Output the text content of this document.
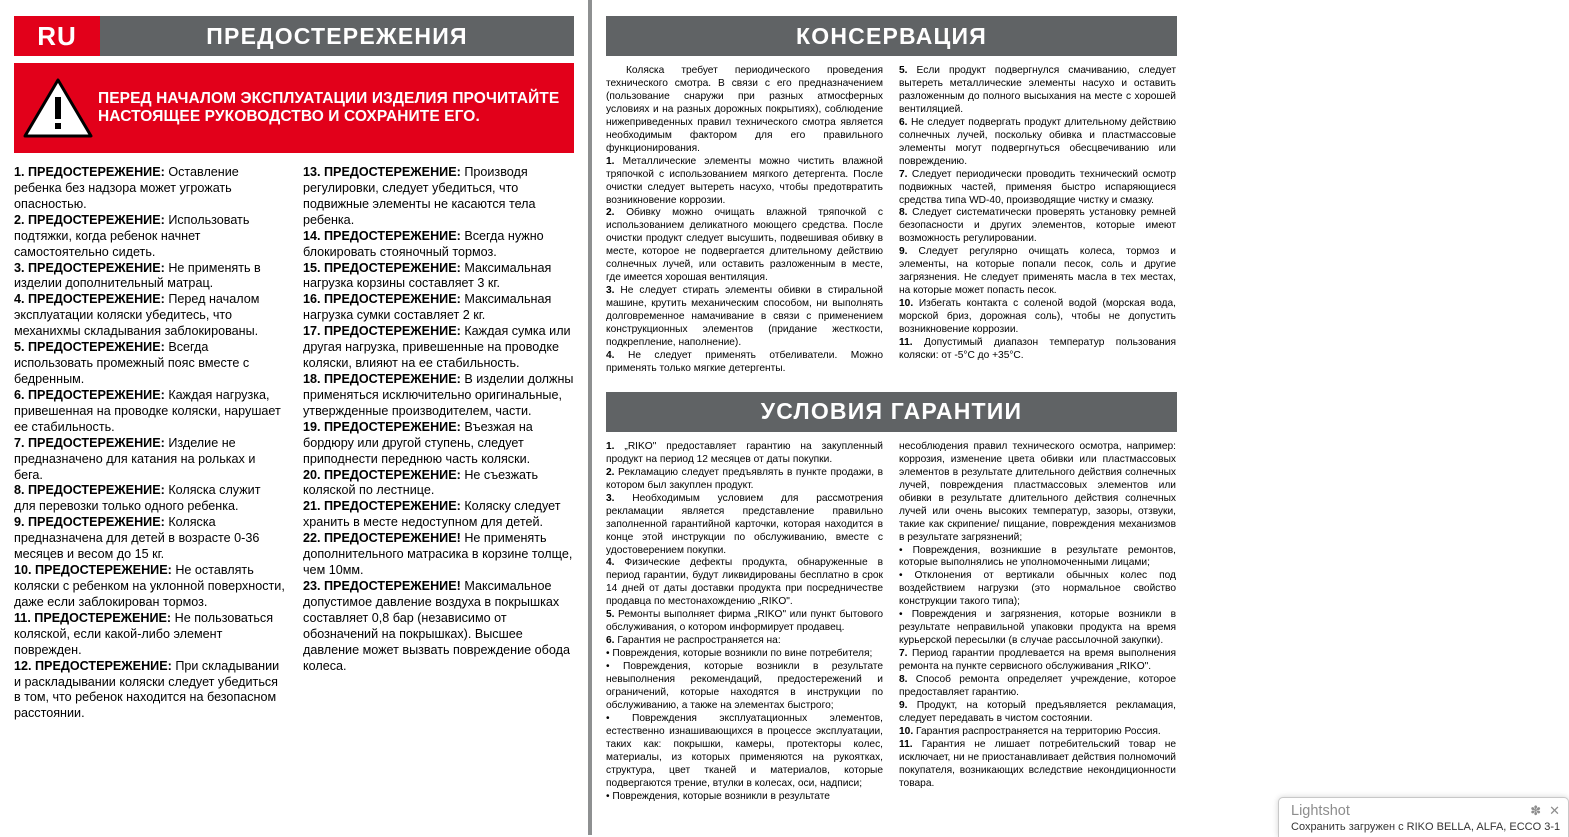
RU	ПРЕДОСТЕРЕЖЕНИЯ
ПЕРЕД НАЧАЛОМ ЭКСПЛУАТАЦИИ ИЗДЕЛИЯ ПРОЧИТАЙТЕ НАСТОЯЩЕЕ РУКОВОДСТВО И СОХРАНИТЕ ЕГО.

1. ПРЕДОСТЕРЕЖЕНИЕ: Оставление ребенка без надзора может угрожать опасностью.

2. ПРЕДОСТЕРЕЖЕНИЕ: Использовать подтяжки, когда ребенок начнет самостоятельно сидеть.

3. ПРЕДОСТЕРЕЖЕНИЕ: Не применять в изделии дополнительный матрац.

4. ПРЕДОСТЕРЕЖЕНИЕ: Перед началом эксплуатации коляски убедитесь, что механихмы складывания заблокированы.

5. ПРЕДОСТЕРЕЖЕНИЕ: Всегда использовать промежный пояс вместе с бедренным.

6. ПРЕДОСТЕРЕЖЕНИЕ: Каждая нагрузка, привешенная на проводке коляски, нарушает ее стабильность.

7. ПРЕДОСТЕРЕЖЕНИЕ: Изделие не предназначено для катания на рольках и бега.

8. ПРЕДОСТЕРЕЖЕНИЕ: Коляска служит для перевозки только одного ребенка.

9. ПРЕДОСТЕРЕЖЕНИЕ: Коляска предназначена для детей в возрасте 0-36 месяцев и весом до 15 кг.

10. ПРЕДОСТЕРЕЖЕНИЕ: Не оставлять коляски с ребенком на уклонной поверхности, даже если заблокирован тормоз.

11. ПРЕДОСТЕРЕЖЕНИЕ: Не пользоваться коляской, если какой-либо элемент поврежден.

12. ПРЕДОСТЕРЕЖЕНИЕ: При складывании и раскладывании коляски следует убедиться в том, что ребенок находится на безопасном расстоянии.

13. ПРЕДОСТЕРЕЖЕНИЕ: Производя регулировки, следует убедиться, что подвижные элементы не касаются тела ребенка.

14. ПРЕДОСТЕРЕЖЕНИЕ: Всегда нужно блокировать стояночный тормоз.

15. ПРЕДОСТЕРЕЖЕНИЕ: Максимальная нагрузка корзины составляет 3 кг.

16. ПРЕДОСТЕРЕЖЕНИЕ: Максимальная нагрузка сумки составляет 2 кг.

17. ПРЕДОСТЕРЕЖЕНИЕ: Каждая сумка или другая нагрузка, привешенные на проводке коляски, влияют на ее стабильность.

18. ПРЕДОСТЕРЕЖЕНИЕ: В изделии должны применяться исключительно оригинальные, утвержденные производителем, части.

19. ПРЕДОСТЕРЕЖЕНИЕ: Въезжая на бордюру или другой ступень, следует приподнести переднюю часть коляски.

20. ПРЕДОСТЕРЕЖЕНИЕ: Не съезжать коляской по лестнице.

21. ПРЕДОСТЕРЕЖЕНИЕ: Коляску следует хранить в месте недоступном для детей.

22. ПРЕДОСТЕРЕЖЕНИЕ! Не применять дополнительного матрасика в корзине толще, чем 10мм.

23. ПРЕДОСТЕРЕЖЕНИЕ! Максимальное допустимое давление воздуха в покрышках составляет 0,8 бар (независимо от обозначений на покрышках). Высшее давление может вызвать повреждение обода колеса.

КОНСЕРВАЦИЯ

Коляска требует периодического проведения технического смотра. В связи с его предназначением (пользование снаружи при разных атмосферных условиях и на разных дорожных покрытиях), соблюдение нижеприведенных правил технического смотра является необходимым фактором для его правильного функционирования.

1. Металлические элементы можно чистить влажной тряпочкой с использованием мягкого детергента. После очистки следует вытереть насухо, чтобы предотвратить возникновение коррозии.

2. Обивку можно очищать влажной тряпочкой с использованием деликатного моющего средства. После очистки продукт следует высушить, подвешивая обивку в месте, которое не подвергается длительному действию солнечных лучей, или оставить разложенным в месте, где имеется хорошая вентиляция.

3. Не следует стирать элементы обивки в стиральной машине, крутить механическим способом, ни выполнять долговременное намачивание в связи с применением конструкционных элементов (придание жесткости, подкрепление, наполнение).

4. Не следует применять отбеливатели. Можно применять только мягкие детергенты.

5. Если продукт подвергнулся смачиванию, следует вытереть металлические элементы насухо и оставить разложенным до полного высыхания на месте с хорошей вентиляцией.

6. Не следует подвергать продукт длительному действию солнечных лучей, поскольку обивка и пластмассовые элементы могут подвергнуться обесцвечиванию или повреждению.

7. Следует периодически проводить технический осмотр подвижных частей, применяя быстро испаряющиеся средства типа WD-40, производящие чистку и смазку.

8. Следует систематически проверять установку ремней безопасности и других элементов, которые имеют возможность регулировании.

9. Следует регулярно очищать колеса, тормоз и элементы, на которые попали песок, соль и другие загрязнения. Не следует применять масла в тех местах, на которые может попасть песок.

10. Избегать контакта с соленой водой (морская вода, морской бриз, дорожная соль), чтобы не допустить возникновение коррозии.

11. Допустимый диапазон температур пользования коляски: от -5°C до +35°C.

УСЛОВИЯ ГАРАНТИИ

1. „RIKO" предоставляет гарантию на закупленный продукт на период 12 месяцев от даты покупки.

2. Рекламацию следует предъявлять в пункте продажи, в котором был закуплен продукт.

3. Необходимым условием для рассмотрения рекламации является представление правильно заполненной гарантийной карточки, которая находится в конце этой инструкции по обслуживанию, вместе с удостоверением покупки.

4. Физические дефекты продукта, обнаруженные в период гарантии, будут ликвидированы бесплатно в срок 14 дней от даты доставки продукта при посредничестве продавца по местонахождению „RIKO".

5. Ремонты выполняет фирма „RIKO" или пункт бытового обслуживания, о котором информирует продавец.

6. Гарантия не распространяется на:

• Повреждения, которые возникли по вине потребителя;

• Повреждения, которые возникли в результате невыполнения рекомендаций, предостережений и ограничений, которые находятся в инструкции по обслуживанию, а также на элементах быстрого;

• Повреждения эксплуатационных элементов, естественно изнашивающихся в процессе эксплуатации, таких как: покрышки, камеры, протекторы колес, материалы, из которых применяются на рукоятках, структура, цвет тканей и материалов, которые подвергаются трение, втулки в колесах, оси, надписи;

• Повреждения, которые возникли в результате

несоблюдения правил технического осмотра, например: коррозия, изменение цвета обивки или пластмассовых элементов в результате длительного действия солнечных лучей, повреждения пластмассовых элементов или обивки в результате длительного действия солнечных лучей или очень высоких температур, зазоры, отзвуки, такие как скрипение/ пищание, повреждения механизмов в результате загрязнений;

• Повреждения, возникшие в результате ремонтов, которые выполнялись не уполномоченными лицами;

• Отклонения от вертикали обычных колес под воздействием нагрузки (это нормальное свойство конструкции такого типа);

• Повреждения и загрязнения, которые возникли в результате неправильной упаковки продукта на время курьерской пересылки (в случае рассылочной закупки).

7. Период гарантии продлевается на время выполнения ремонта на пункте сервисного обслуживания „RIKO".

8. Способ ремонта определяет учреждение, которое предоставляет гарантию.

9. Продукт, на который предъявляется рекламация, следует передавать в чистом состоянии.

10. Гарантия распространяется на территорию Россия.

11. Гарантия не лишает потребительский товар не исключает, ни не приостанавливает действия полномочий покупателя, возникающих вследствие некондиционности товара.

Lightshot	✽ ✕
Сохранить загружен с RIKO BELLA, ALFA, ECCO 3-1
